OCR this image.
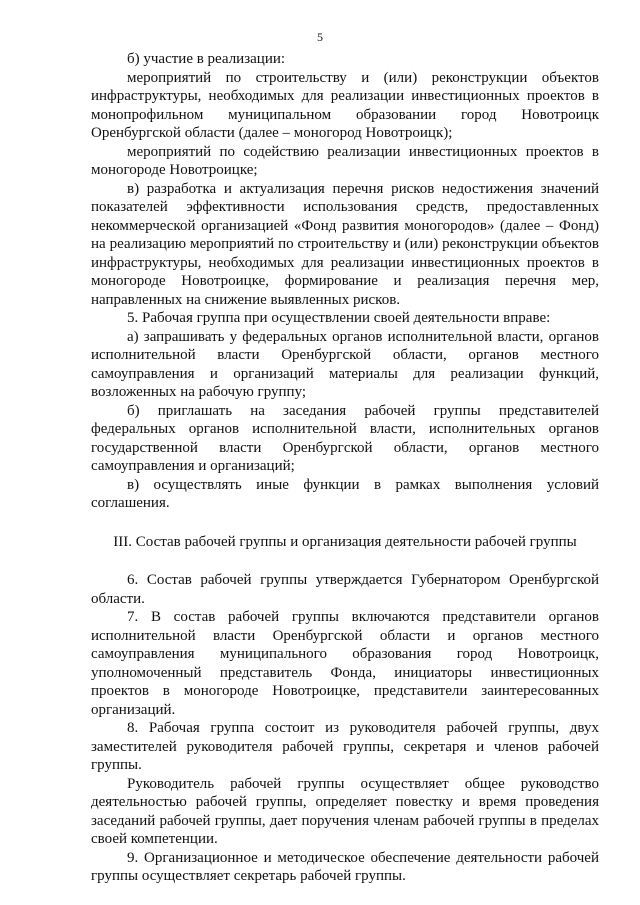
5

б) участие в реализации:

мероприятий по строительству и (или) реконструкции объектов инфраструктуры, необходимых для реализации инвестиционных проектов в монопрофильном муниципальном образовании город Новотроицк Оренбургской области (далее – моногород Новотроицк);

мероприятий по содействию реализации инвестиционных проектов в моногороде Новотроицке;

в) разработка и актуализация перечня рисков недостижения значений показателей эффективности использования средств, предоставленных некоммерческой организацией «Фонд развития моногородов» (далее – Фонд) на реализацию мероприятий по строительству и (или) реконструкции объектов инфраструктуры, необходимых для реализации инвестиционных проектов в моногороде Новотроицке, формирование и реализация перечня мер, направленных на снижение выявленных рисков.

5. Рабочая группа при осуществлении своей деятельности вправе:

а) запрашивать у федеральных органов исполнительной власти, органов исполнительной власти Оренбургской области, органов местного самоуправления и организаций материалы для реализации функций, возложенных на рабочую группу;

б) приглашать на заседания рабочей группы представителей федеральных органов исполнительной власти, исполнительных органов государственной власти Оренбургской области, органов местного самоуправления и организаций;

в) осуществлять иные функции в рамках выполнения условий соглашения.

III. Состав рабочей группы и организация деятельности рабочей группы

6. Состав рабочей группы утверждается Губернатором Оренбургской области.

7. В состав рабочей группы включаются представители органов исполнительной власти Оренбургской области и органов местного самоуправления муниципального образования город Новотроицк, уполномоченный представитель Фонда, инициаторы инвестиционных проектов в моногороде Новотроицке, представители заинтересованных организаций.

8. Рабочая группа состоит из руководителя рабочей группы, двух заместителей руководителя рабочей группы, секретаря и членов рабочей группы.

Руководитель рабочей группы осуществляет общее руководство деятельностью рабочей группы, определяет повестку и время проведения заседаний рабочей группы, дает поручения членам рабочей группы в пределах своей компетенции.

9. Организационное и методическое обеспечение деятельности рабочей группы осуществляет секретарь рабочей группы.
